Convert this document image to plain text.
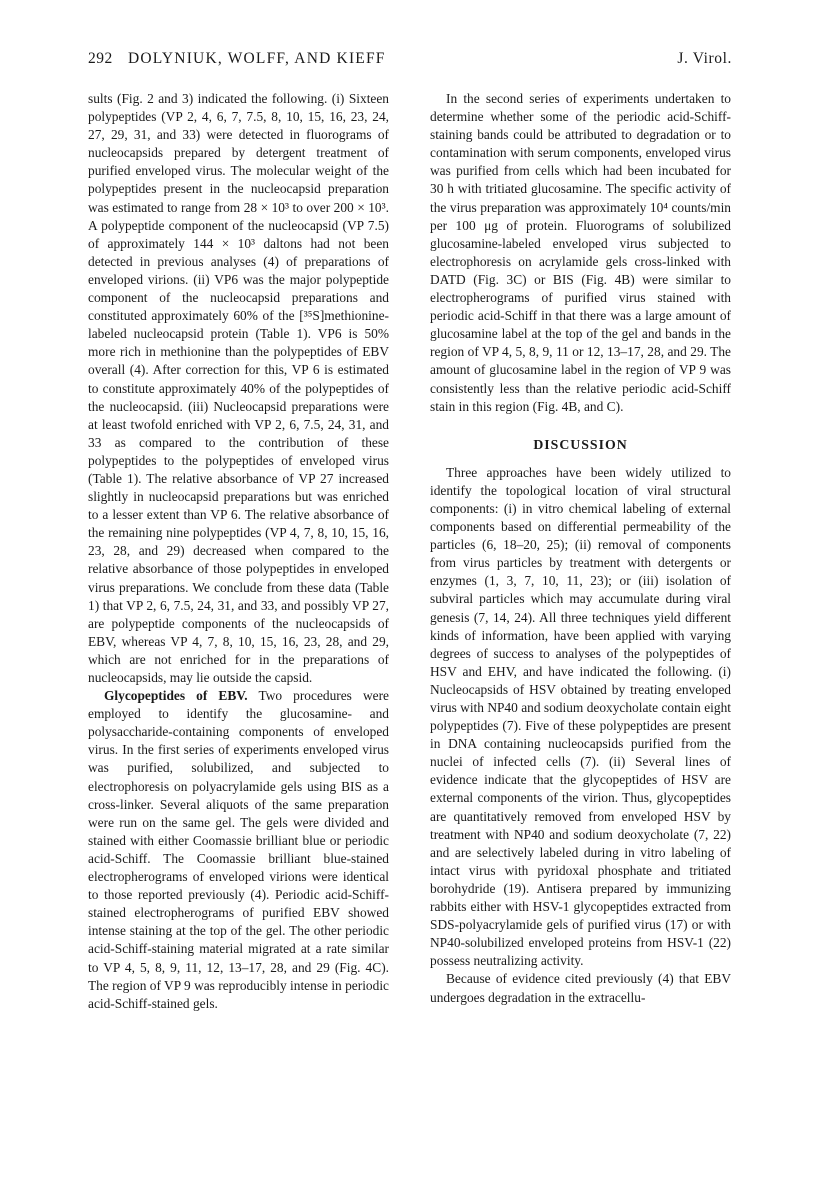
292 DOLYNIUK, WOLFF, AND KIEFF	J. Virol.

sults (Fig. 2 and 3) indicated the following. (i) Sixteen polypeptides (VP 2, 4, 6, 7, 7.5, 8, 10, 15, 16, 23, 24, 27, 29, 31, and 33) were detected in fluorograms of nucleocapsids prepared by detergent treatment of purified enveloped virus. The molecular weight of the polypeptides present in the nucleocapsid preparation was estimated to range from 28 × 10³ to over 200 × 10³. A polypeptide component of the nucleocapsid (VP 7.5) of approximately 144 × 10³ daltons had not been detected in previous analyses (4) of preparations of enveloped virions. (ii) VP6 was the major polypeptide component of the nucleocapsid preparations and constituted approximately 60% of the [³⁵S]methionine-labeled nucleocapsid protein (Table 1). VP6 is 50% more rich in methionine than the polypeptides of EBV overall (4). After correction for this, VP 6 is estimated to constitute approximately 40% of the polypeptides of the nucleocapsid. (iii) Nucleocapsid preparations were at least twofold enriched with VP 2, 6, 7.5, 24, 31, and 33 as compared to the contribution of these polypeptides to the polypeptides of enveloped virus (Table 1). The relative absorbance of VP 27 increased slightly in nucleocapsid preparations but was enriched to a lesser extent than VP 6. The relative absorbance of the remaining nine polypeptides (VP 4, 7, 8, 10, 15, 16, 23, 28, and 29) decreased when compared to the relative absorbance of those polypeptides in enveloped virus preparations. We conclude from these data (Table 1) that VP 2, 6, 7.5, 24, 31, and 33, and possibly VP 27, are polypeptide components of the nucleocapsids of EBV, whereas VP 4, 7, 8, 10, 15, 16, 23, 28, and 29, which are not enriched for in the preparations of nucleocapsids, may lie outside the capsid.

Glycopeptides of EBV. Two procedures were employed to identify the glucosamine- and polysaccharide-containing components of enveloped virus. In the first series of experiments enveloped virus was purified, solubilized, and subjected to electrophoresis on polyacrylamide gels using BIS as a cross-linker. Several aliquots of the same preparation were run on the same gel. The gels were divided and stained with either Coomassie brilliant blue or periodic acid-Schiff. The Coomassie brilliant blue-stained electropherograms of enveloped virions were identical to those reported previously (4). Periodic acid-Schiff-stained electropherograms of purified EBV showed intense staining at the top of the gel. The other periodic acid-Schiff-staining material migrated at a rate similar to VP 4, 5, 8, 9, 11, 12, 13–17, 28, and 29 (Fig. 4C). The region of VP 9 was reproducibly intense in periodic acid-Schiff-stained gels.

In the second series of experiments undertaken to determine whether some of the periodic acid-Schiff-staining bands could be attributed to degradation or to contamination with serum components, enveloped virus was purified from cells which had been incubated for 30 h with tritiated glucosamine. The specific activity of the virus preparation was approximately 10⁴ counts/min per 100 μg of protein. Fluorograms of solubilized glucosamine-labeled enveloped virus subjected to electrophoresis on acrylamide gels cross-linked with DATD (Fig. 3C) or BIS (Fig. 4B) were similar to electropherograms of purified virus stained with periodic acid-Schiff in that there was a large amount of glucosamine label at the top of the gel and bands in the region of VP 4, 5, 8, 9, 11 or 12, 13–17, 28, and 29. The amount of glucosamine label in the region of VP 9 was consistently less than the relative periodic acid-Schiff stain in this region (Fig. 4B, and C).

DISCUSSION

Three approaches have been widely utilized to identify the topological location of viral structural components: (i) in vitro chemical labeling of external components based on differential permeability of the particles (6, 18–20, 25); (ii) removal of components from virus particles by treatment with detergents or enzymes (1, 3, 7, 10, 11, 23); or (iii) isolation of subviral particles which may accumulate during viral genesis (7, 14, 24). All three techniques yield different kinds of information, have been applied with varying degrees of success to analyses of the polypeptides of HSV and EHV, and have indicated the following. (i) Nucleocapsids of HSV obtained by treating enveloped virus with NP40 and sodium deoxycholate contain eight polypeptides (7). Five of these polypeptides are present in DNA containing nucleocapsids purified from the nuclei of infected cells (7). (ii) Several lines of evidence indicate that the glycopeptides of HSV are external components of the virion. Thus, glycopeptides are quantitatively removed from enveloped HSV by treatment with NP40 and sodium deoxycholate (7, 22) and are selectively labeled during in vitro labeling of intact virus with pyridoxal phosphate and tritiated borohydride (19). Antisera prepared by immunizing rabbits either with HSV-1 glycopeptides extracted from SDS-polyacrylamide gels of purified virus (17) or with NP40-solubilized enveloped proteins from HSV-1 (22) possess neutralizing activity.

Because of evidence cited previously (4) that EBV undergoes degradation in the extracellu-
